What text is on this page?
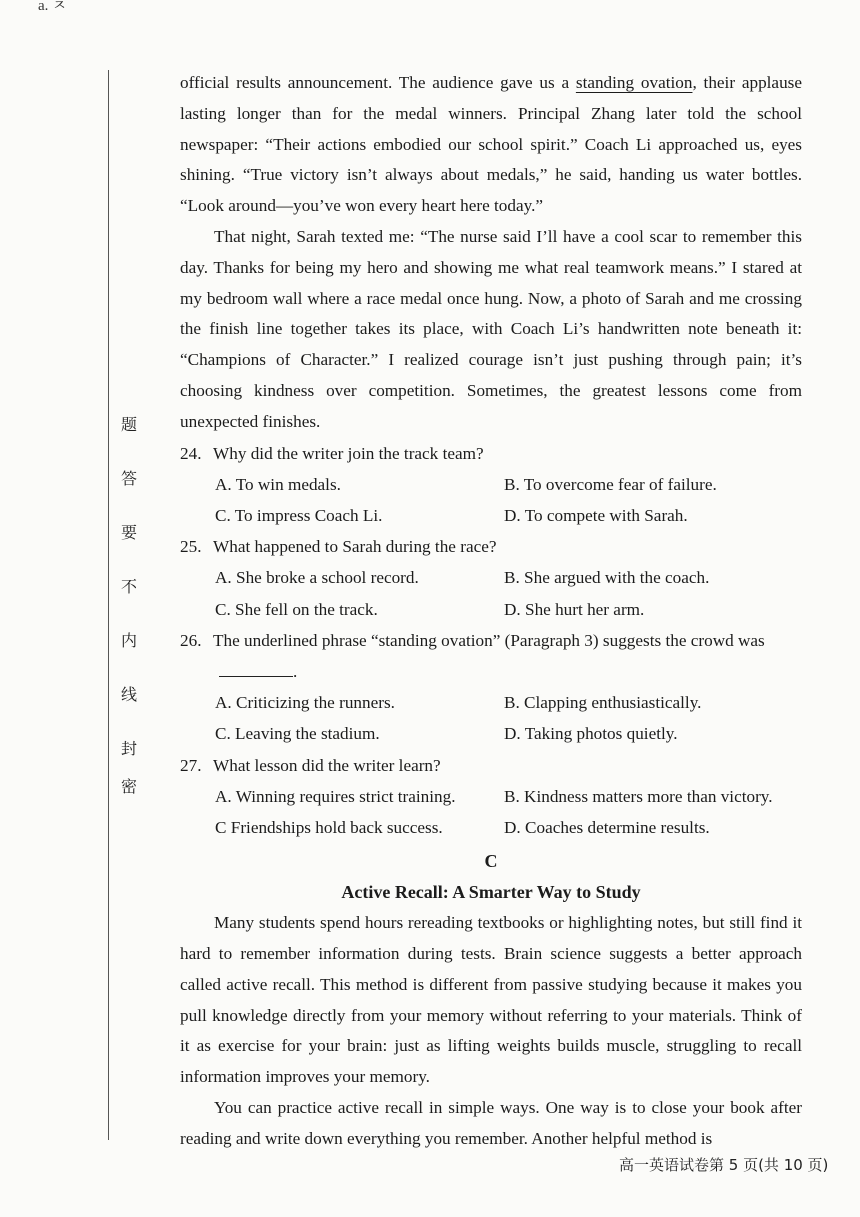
a. ㅈ
题
答
要
不
内
线
封
密

official results announcement. The audience gave us a standing ovation, their applause lasting longer than for the medal winners. Principal Zhang later told the school newspaper: “Their actions embodied our school spirit.” Coach Li approached us, eyes shining. “True victory isn’t always about medals,” he said, handing us water bottles. “Look around—you’ve won every heart here today.”

That night, Sarah texted me: “The nurse said I’ll have a cool scar to remember this day. Thanks for being my hero and showing me what real teamwork means.” I stared at my bedroom wall where a race medal once hung. Now, a photo of Sarah and me crossing the finish line together takes its place, with Coach Li’s handwritten note beneath it: “Champions of Character.” I realized courage isn’t just pushing through pain; it’s choosing kindness over competition. Sometimes, the greatest lessons come from unexpected finishes.

24. Why did the writer join the track team?
A. To win medals.	B. To overcome fear of failure.
C. To impress Coach Li.	D. To compete with Sarah.
25. What happened to Sarah during the race?
A. She broke a school record.	B. She argued with the coach.
C. She fell on the track.	D. She hurt her arm.
26. The underlined phrase “standing ovation” (Paragraph 3) suggests the crowd was.
A. Criticizing the runners.	B. Clapping enthusiastically.
C. Leaving the stadium.	D. Taking photos quietly.
27. What lesson did the writer learn?
A. Winning requires strict training.	B. Kindness matters more than victory.
C Friendships hold back success.	D. Coaches determine results.
C
Active Recall: A Smarter Way to Study

Many students spend hours rereading textbooks or highlighting notes, but still find it hard to remember information during tests. Brain science suggests a better approach called active recall. This method is different from passive studying because it makes you pull knowledge directly from your memory without referring to your materials. Think of it as exercise for your brain: just as lifting weights builds muscle, struggling to recall information improves your memory.

You can practice active recall in simple ways. One way is to close your book after reading and write down everything you remember. Another helpful method is

高一英语试卷第 5 页(共 10 页)
